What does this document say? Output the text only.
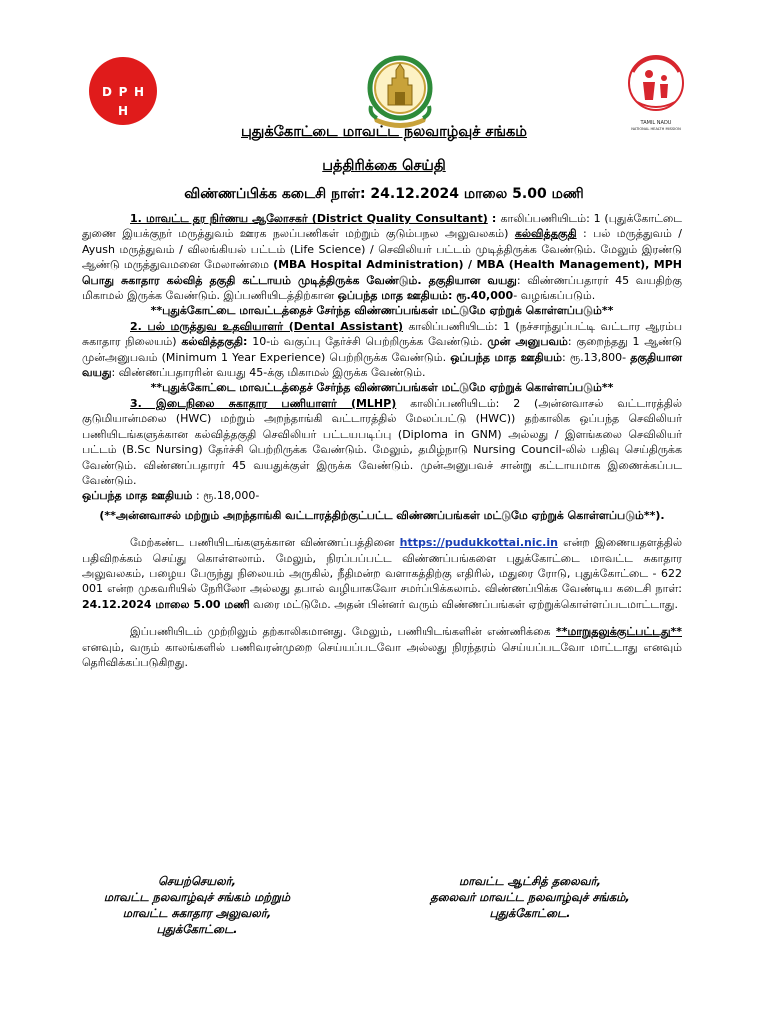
D P H
H
TAMIL NADU
NATIONAL HEALTH MISSION
புதுக்கோட்டை மாவட்ட நலவாழ்வுச் சங்கம்
பத்திரிக்கை செய்தி
விண்ணப்பிக்க கடைசி நாள்: 24.12.2024 மாலை 5.00 மணி

1. மாவட்ட தர நிர்ணய ஆலோசகர் (District Quality Consultant) : காலிப்பணியிடம்: 1 (புதுக்கோட்டை துணை இயக்குநர் மருத்துவம் ஊரக நலப்பணிகள் மற்றும் குடும்பநல அலுவலகம்) கல்வித்தகுதி : பல் மருத்துவம் / Ayush மருத்துவம் / விலங்கியல் பட்டம் (Life Science) / செவிலியர் பட்டம் முடித்திருக்க வேண்டும். மேலும் இரண்டு ஆண்டு மருத்துவமனை மேலாண்மை (MBA Hospital Administration) / MBA (Health Management), MPH பொது சுகாதார கல்வித் தகுதி கட்டாயம் முடித்திருக்க வேண்டும். தகுதியான வயது: விண்ணப்பதாரர் 45 வயதிற்கு மிகாமல் இருக்க வேண்டும். இப்பணியிடத்திற்கான ஒப்பந்த மாத ஊதியம்: ரூ.40,000- வழங்கப்படும்.

**புதுக்கோட்டை மாவட்டத்தைச் சேர்ந்த விண்ணப்பங்கள் மட்டுமே ஏற்றுக் கொள்ளப்படும்**

2. பல் மருத்துவ உதவியாளர் (Dental Assistant) காலிப்பணியிடம்: 1 (நச்சாந்துப்பட்டி வட்டார ஆரம்ப சுகாதார நிலையம்) கல்வித்தகுதி: 10-ம் வகுப்பு தேர்ச்சி பெற்றிருக்க வேண்டும். முன் அனுபவம்: குறைந்தது 1 ஆண்டு முன்அனுபவம் (Minimum 1 Year Experience) பெற்றிருக்க வேண்டும். ஒப்பந்த மாத ஊதியம்: ரூ.13,800- தகுதியான வயது: விண்ணப்பதாரரின் வயது 45-க்கு மிகாமல் இருக்க வேண்டும்.

**புதுக்கோட்டை மாவட்டத்தைச் சேர்ந்த விண்ணப்பங்கள் மட்டுமே ஏற்றுக் கொள்ளப்படும்**

3. இடைநிலை சுகாதார பணியாளர் (MLHP) காலிப்பணியிடம்: 2 (அன்னவாசல் வட்டாரத்தில் குடுமியான்மலை (HWC) மற்றும் அறந்தாங்கி வட்டாரத்தில் மேலப்பட்டு (HWC)) தற்காலிக ஒப்பந்த செவிலியர் பணியிடங்களுக்கான கல்வித்தகுதி செவிலியர் பட்டயபடிப்பு (Diploma in GNM) அல்லது / இளங்கலை செவிலியர் பட்டம் (B.Sc Nursing) தேர்ச்சி பெற்றிருக்க வேண்டும். மேலும், தமிழ்நாடு Nursing Council-லில் பதிவு செய்திருக்க வேண்டும். விண்ணப்பதாரர் 45 வயதுக்குள் இருக்க வேண்டும். முன்அனுபவச் சான்று கட்டாயமாக இணைக்கப்பட வேண்டும்.
ஒப்பந்த மாத ஊதியம் : ரூ.18,000-

(**அன்னவாசல் மற்றும் அறந்தாங்கி வட்டாரத்திற்குட்பட்ட விண்ணப்பங்கள் மட்டுமே ஏற்றுக் கொள்ளப்படும்**).

மேற்கண்ட பணியிடங்களுக்கான விண்ணப்பத்தினை https://pudukkottai.nic.in என்ற இணையதளத்தில் பதிவிறக்கம் செய்து கொள்ளலாம். மேலும், நிரப்பப்பட்ட விண்ணப்பங்களை புதுக்கோட்டை மாவட்ட சுகாதார அலுவலகம், பழைய பேருந்து நிலையம் அருகில், நீதிமன்ற வளாகத்திற்கு எதிரில், மதுரை ரோடு, புதுக்கோட்டை - 622 001 என்ற முகவரியில் நேரிலோ அல்லது தபால் வழியாகவோ சமர்ப்பிக்கலாம். விண்ணப்பிக்க வேண்டிய கடைசி நாள்: 24.12.2024 மாலை 5.00 மணி வரை மட்டுமே. அதன் பின்னர் வரும் விண்ணப்பங்கள் ஏற்றுக்கொள்ளப்படமாட்டாது.

இப்பணியிடம் முற்றிலும் தற்காலிகமானது. மேலும், பணியிடங்களின் எண்ணிக்கை **மாறுதலுக்குட்பட்டது** எனவும், வரும் காலங்களில் பணிவரன்முறை செய்யப்படவோ அல்லது நிரந்தரம் செய்யப்படவோ மாட்டாது எனவும் தெரிவிக்கப்படுகிறது.

செயற்செயலர்,
மாவட்ட நலவாழ்வுச் சங்கம் மற்றும்
மாவட்ட சுகாதார அலுவலர்,
புதுக்கோட்டை.
மாவட்ட ஆட்சித் தலைவர்,
தலைவர் மாவட்ட நலவாழ்வுச் சங்கம்,
புதுக்கோட்டை.
